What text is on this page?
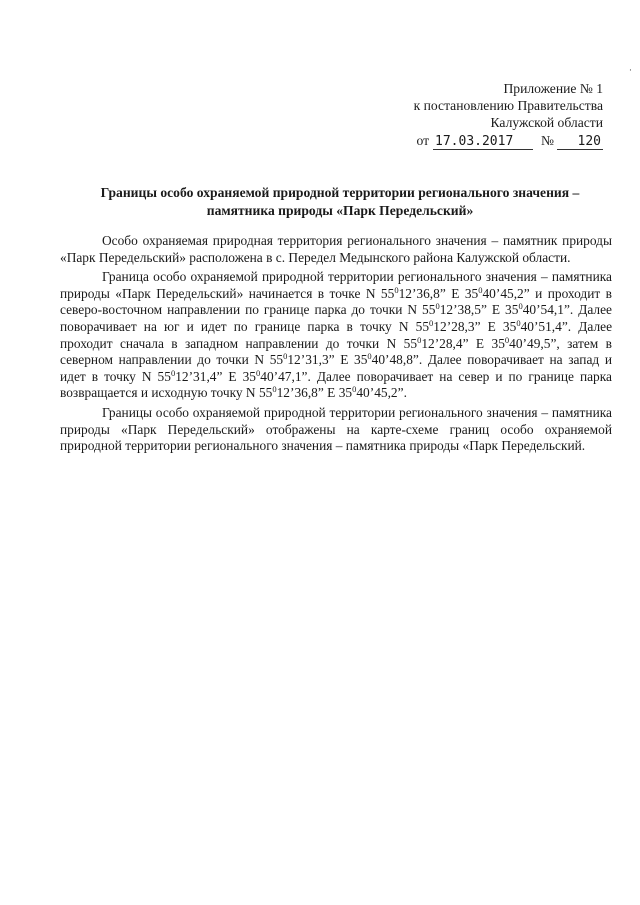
·
Приложение № 1
к постановлению Правительства
Калужской области
от 17.03.2017 № 120
Границы особо охраняемой природной территории регионального значения –
памятника природы «Парк Передельский»

Особо охраняемая природная территория регионального значения – памятник природы «Парк Передельский» расположена в с. Передел Медынского района Калужской области.

Граница особо охраняемой природной территории регионального значения – памятника природы «Парк Передельский» начинается в точке N $55^012’36,8$” E $35^040’45,2$” и проходит в северо-восточном направлении по границе парка до точки N $55^012’38,5$” E $35^040’54,1$”. Далее поворачивает на юг и идет по границе парка в точку N $55^012’28,3$” E $35^040’51,4$”. Далее проходит сначала в западном направлении до точки N $55^012’28,4$” E $35^040’49,5$”, затем в северном направлении до точки N $55^012’31,3$” E $35^040’48,8$”. Далее поворачивает на запад и идет в точку N $55^012’31,4$” E $35^040’47,1$”. Далее поворачивает на север и по границе парка возвращается и исходную точку N $55^012’36,8$” E $35^040’45,2$”.

Границы особо охраняемой природной территории регионального значения – памятника природы «Парк Передельский» отображены на карте-схеме границ особо охраняемой природной территории регионального значения – памятника природы «Парк Передельский.
